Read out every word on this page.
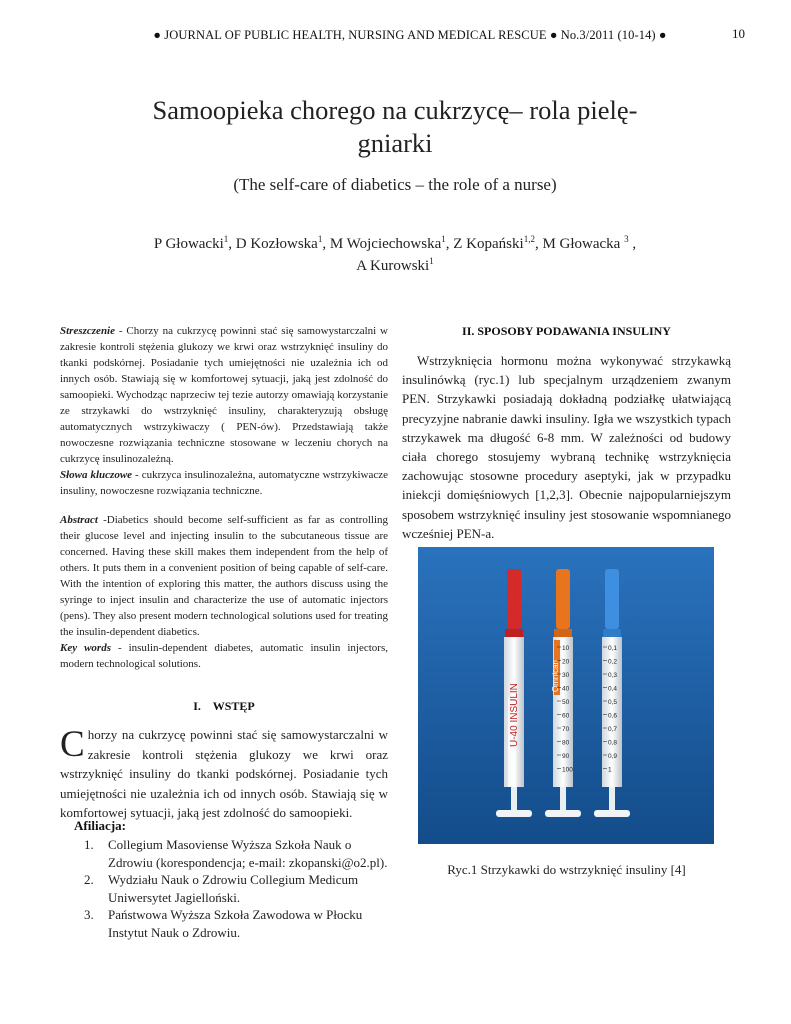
● JOURNAL OF PUBLIC HEALTH, NURSING AND MEDICAL RESCUE ● No.3/2011 (10-14) ●	10
Samoopieka chorego na cukrzycę– rola pielę-
gniarki
(The self-care of diabetics – the role of a nurse)
P Głowacki$^1$, D Kozłowska$^1$, M Wojciechowska$^1$, Z Kopański$^{1,2}$, M Głowacka $^3$ ,
A Kurowski$^1$

Streszczenie - Chorzy na cukrzycę powinni stać się samowystarczalni w zakresie kontroli stężenia glukozy we krwi oraz wstrzyknięć insuliny do tkanki podskórnej. Posiadanie tych umiejętności nie uzależnia ich od innych osób. Stawiają się w komfortowej sytuacji, jaką jest zdolność do samoopieki. Wychodząc naprzeciw tej tezie autorzy omawiają korzystanie ze strzykawki do wstrzyknięć insuliny, charakteryzują obsługę automatycznych wstrzykiwaczy ( PEN-ów). Przedstawiają także nowoczesne rozwiązania techniczne stosowane w leczeniu chorych na cukrzycę insulinozależną.

Słowa kluczowe - cukrzyca insulinozależna, automatyczne wstrzykiwacze insuliny, nowoczesne rozwiązania techniczne.

Abstract -Diabetics should become self-sufficient as far as controlling their glucose level and injecting insulin to the subcutaneous tissue are concerned. Having these skill makes them independent from the help of others. It puts them in a convenient position of being capable of self-care. With the intention of exploring this matter, the authors discuss using the syringe to inject insulin and characterize the use of automatic injectors (pens). They also present modern technological solutions used for treating the insulin-dependent diabetics.

Key words - insulin-dependent diabetes, automatic insulin injectors, modern technological solutions.

I.    WSTĘP
Chorzy na cukrzycę powinni stać się samowystarczalni w zakresie kontroli stężenia glukozy we krwi oraz wstrzyknięć insuliny do tkanki podskórnej. Posiadanie tych umiejętności nie uzależnia ich od innych osób. Stawiają się w komfortowej sytuacji, jaką jest zdolność do samoopieki.
Afiliacja:
1. Collegium Masoviense Wyższa Szkoła Nauk o Zdrowiu (korespondencja; e-mail: zkopanski@o2.pl).
2. Wydziału Nauk o Zdrowiu Collegium Medicum Uniwersytet Jagielloński.
3. Państwowa Wyższa Szkoła Zawodowa w Płocku Instytut Nauk o Zdrowiu.
II. SPOSOBY PODAWANIA INSULINY
Wstrzyknięcia hormonu można wykonywać strzykawką insulinówką (ryc.1) lub specjalnym urządzeniem zwanym PEN. Strzykawki posiadają dokładną podziałkę ułatwiającą precyzyjne nabranie dawki insuliny. Igła we wszystkich typach strzykawek ma długość 6-8 mm. W zależności od budowy ciała chorego stosujemy wybraną technikę wstrzyknięcia zachowując stosowne procedury aseptyki, jak w przypadku iniekcji domięśniowych [1,2,3]. Obecnie najpopularniejszym sposobem wstrzyknięć insuliny jest stosowanie wspomnianego wcześniej PEN-a.
U-40 INSULIN
Omnican
10
20
30
40
50
60
70
80
90
100
0,1
0,2
0,3
0,4
0,5
0,6
0,7
0,8
0,9
1
Ryc.1 Strzykawki do wstrzyknięć insuliny [4]
